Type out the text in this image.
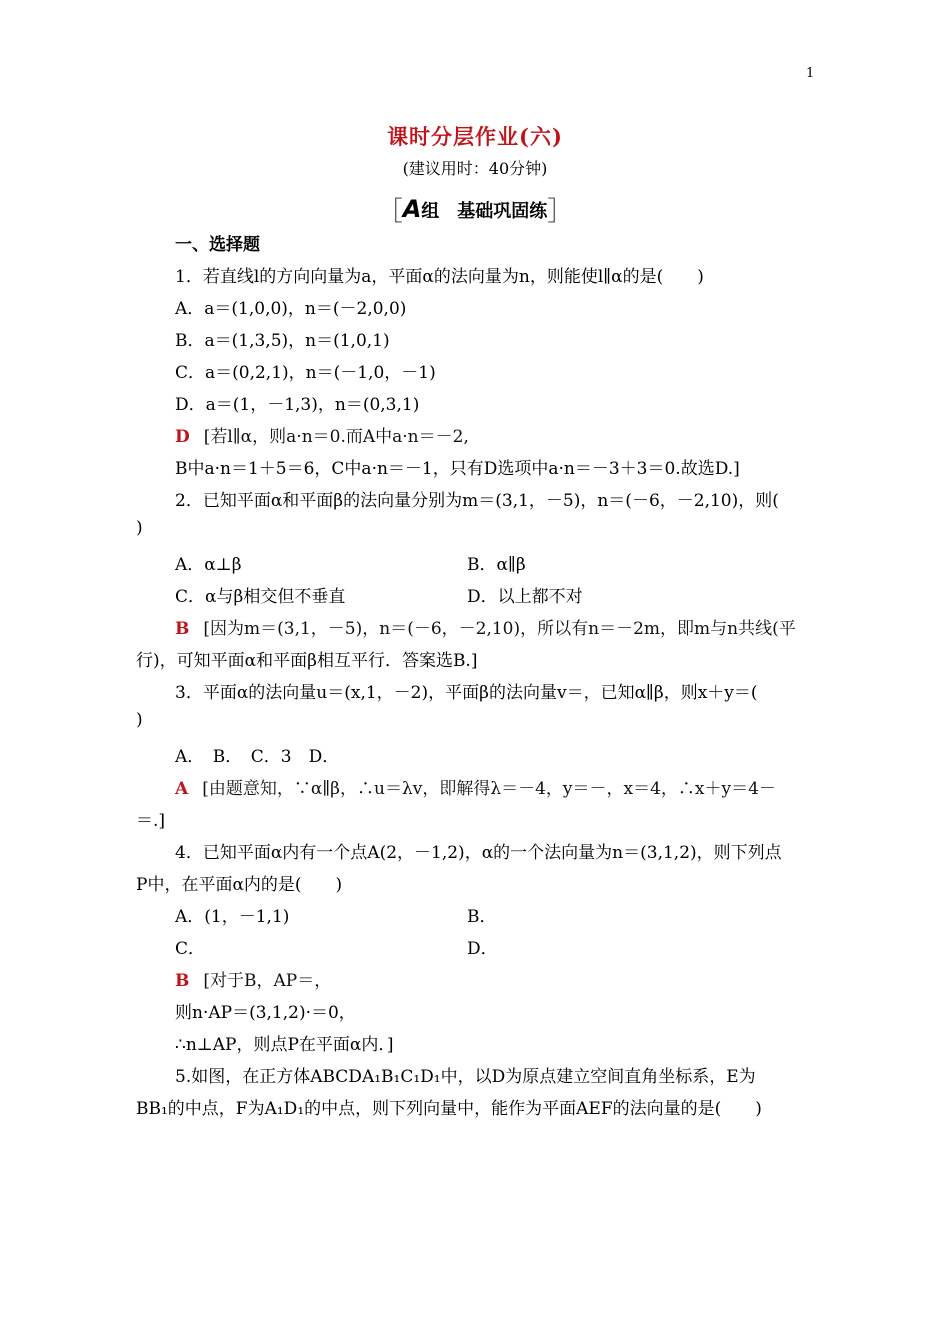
1
课时分层作业(六)
(建议用时：40分钟)
［A组　基础巩固练］
一、选择题
1．若直线l的方向向量为a，平面α的法向量为n，则能使l∥α的是(　　)
A．a＝(1,0,0)，n＝(－2,0,0)
B．a＝(1,3,5)，n＝(1,0,1)
C．a＝(0,2,1)，n＝(－1,0，－1)
D．a＝(1，－1,3)，n＝(0,3,1)
D [若l∥α，则a·n＝0.而A中a·n＝－2,
B中a·n＝1＋5＝6，C中a·n＝－1，只有D选项中a·n＝－3＋3＝0.故选D.]
2．已知平面α和平面β的法向量分别为m＝(3,1，－5)，n＝(－6，－2,10)，则(
)
A．α⊥β	B．α∥β
C．α与β相交但不垂直	D．以上都不对
B [因为m＝(3,1，－5)，n＝(－6，－2,10)，所以有n＝－2m，即m与n共线(平
行)，可知平面α和平面β相互平行．答案选B.]
3．平面α的法向量u＝(x,1，－2)，平面β的法向量v＝，已知α∥β，则x＋y＝(
)
A．　B．　C．3　D．
A [由题意知，∵α∥β，∴u＝λv，即解得λ＝－4，y＝－，x＝4，∴x＋y＝4－
＝.]
4．已知平面α内有一个点A(2，－1,2)，α的一个法向量为n＝(3,1,2)，则下列点
P中，在平面α内的是(　　)
A．(1，－1,1)	B．
C．	D．
B [对于B，AP＝，
则n·AP＝(3,1,2)·＝0，
∴n⊥AP，则点P在平面α内．]
5.如图，在正方体ABCDA₁B₁C₁D₁中，以D为原点建立空间直角坐标系，E为
BB₁的中点，F为A₁D₁的中点，则下列向量中，能作为平面AEF的法向量的是(　　)
